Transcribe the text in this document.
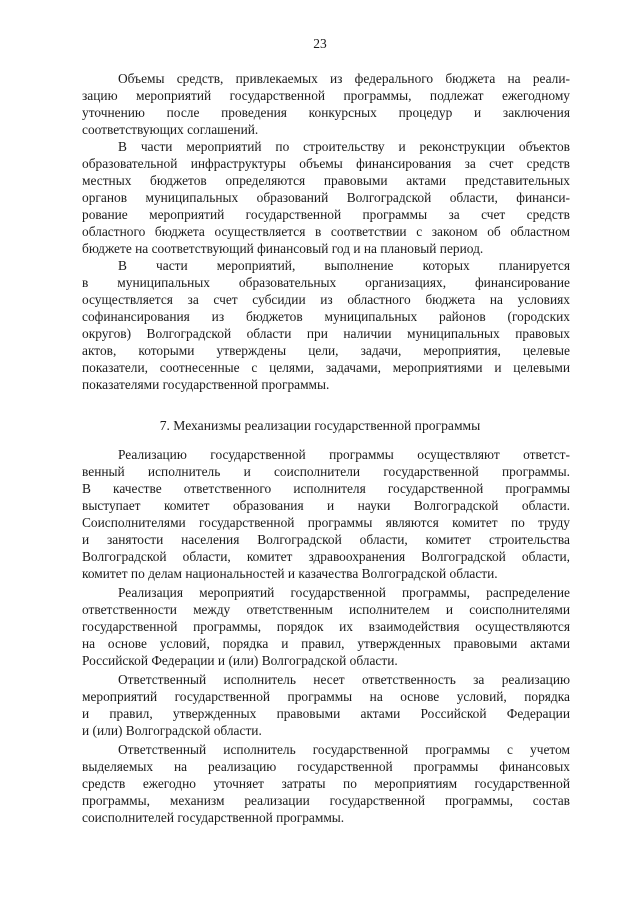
23
Объемы средств, привлекаемых из федерального бюджета на реали-
зацию мероприятий государственной программы, подлежат ежегодному
уточнению после проведения конкурсных процедур и заключения
соответствующих соглашений.
В части мероприятий по строительству и реконструкции объектов
образовательной инфраструктуры объемы финансирования за счет средств
местных бюджетов определяются правовыми актами представительных
органов муниципальных образований Волгоградской области, финанси-
рование мероприятий государственной программы за счет средств
областного бюджета осуществляется в соответствии с законом об областном
бюджете на соответствующий финансовый год и на плановый период.
В части мероприятий, выполнение которых планируется
в муниципальных образовательных организациях, финансирование
осуществляется за счет субсидии из областного бюджета на условиях
софинансирования из бюджетов муниципальных районов (городских
округов) Волгоградской области при наличии муниципальных правовых
актов, которыми утверждены цели, задачи, мероприятия, целевые
показатели, соотнесенные с целями, задачами, мероприятиями и целевыми
показателями государственной программы.
7. Механизмы реализации государственной программы
Реализацию государственной программы осуществляют ответст-
венный исполнитель и соисполнители государственной программы.
В качестве ответственного исполнителя государственной программы
выступает комитет образования и науки Волгоградской области.
Соисполнителями государственной программы являются комитет по труду
и занятости населения Волгоградской области, комитет строительства
Волгоградской области, комитет здравоохранения Волгоградской области,
комитет по делам национальностей и казачества Волгоградской области.
Реализация мероприятий государственной программы, распределение
ответственности между ответственным исполнителем и соисполнителями
государственной программы, порядок их взаимодействия осуществляются
на основе условий, порядка и правил, утвержденных правовыми актами
Российской Федерации и (или) Волгоградской области.
Ответственный исполнитель несет ответственность за реализацию
мероприятий государственной программы на основе условий, порядка
и правил, утвержденных правовыми актами Российской Федерации
и (или) Волгоградской области.
Ответственный исполнитель государственной программы с учетом
выделяемых на реализацию государственной программы финансовых
средств ежегодно уточняет затраты по мероприятиям государственной
программы, механизм реализации государственной программы, состав
соисполнителей государственной программы.
